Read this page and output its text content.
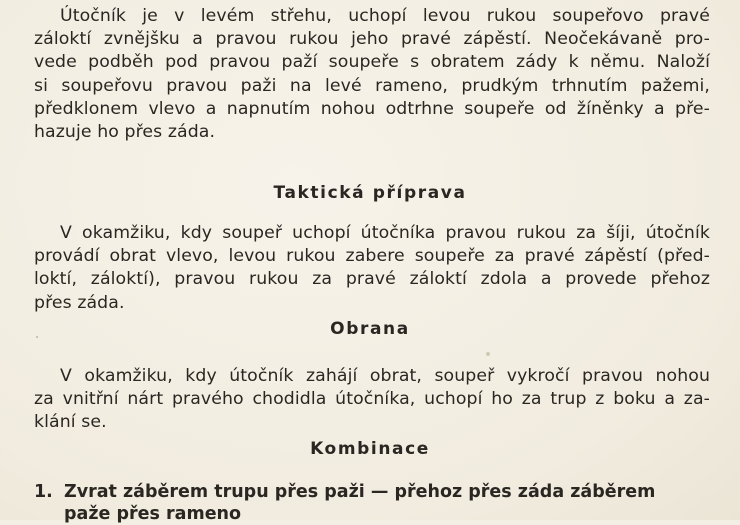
Útočník je v levém střehu, uchopí levou rukou soupeřovo pravé
záloktí zvnějšku a pravou rukou jeho pravé zápěstí. Neočekávaně pro-
vede podběh pod pravou paží soupeře s obratem zády k němu. Naloží
si soupeřovu pravou paži na levé rameno, prudkým trhnutím pažemi,
předklonem vlevo a napnutím nohou odtrhne soupeře od žíněnky a pře-
hazuje ho přes záda.

Taktická příprava

V okamžiku, kdy soupeř uchopí útočníka pravou rukou za šíji, útočník
provádí obrat vlevo, levou rukou zabere soupeře za pravé zápěstí (před-
loktí, záloktí), pravou rukou za pravé záloktí zdola a provede přehoz
přes záda.

Obrana

V okamžiku, kdy útočník zahájí obrat, soupeř vykročí pravou nohou
za vnitřní nárt pravého chodidla útočníka, uchopí ho za trup z boku a za-
klání se.

Kombinace
1. Zvrat záběrem trupu přes paži — přehoz přes záda záběrem
paže přes rameno
